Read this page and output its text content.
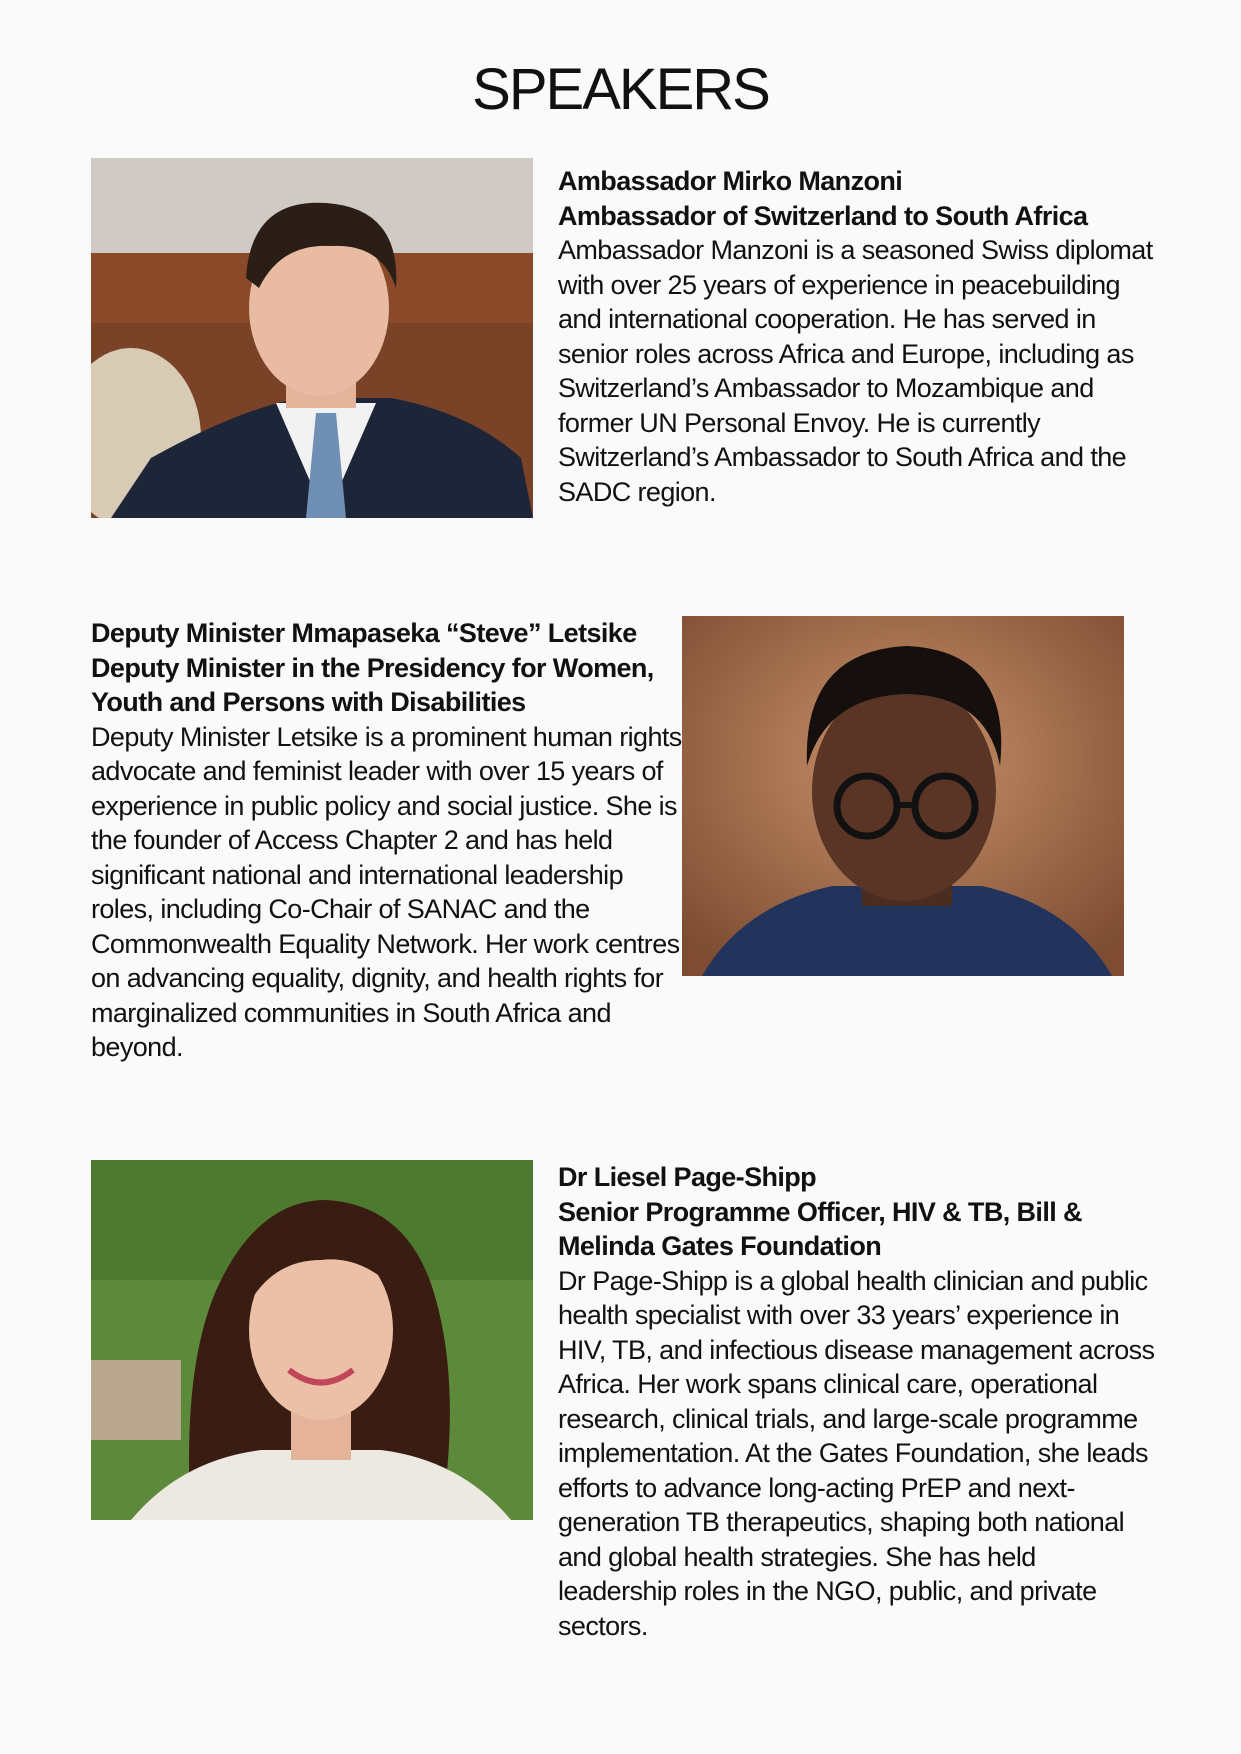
SPEAKERS
Ambassador Mirko Manzoni
Ambassador of Switzerland to South Africa
Ambassador Manzoni is a seasoned Swiss diplomat with over 25 years of experience in peacebuilding and international cooperation. He has served in senior roles across Africa and Europe, including as Switzerland’s Ambassador to Mozambique and former UN Personal Envoy. He is currently Switzerland’s Ambassador to South Africa and the SADC region.
Deputy Minister Mmapaseka “Steve” Letsike
Deputy Minister in the Presidency for Women, Youth and Persons with Disabilities
Deputy Minister Letsike is a prominent human rights advocate and feminist leader with over 15 years of experience in public policy and social justice. She is the founder of Access Chapter 2 and has held significant national and international leadership roles, including Co-Chair of SANAC and the Commonwealth Equality Network. Her work centres on advancing equality, dignity, and health rights for marginalized communities in South Africa and beyond.
Dr Liesel Page-Shipp
Senior Programme Officer, HIV & TB, Bill & Melinda Gates Foundation
Dr Page-Shipp is a global health clinician and public health specialist with over 33 years’ experience in HIV, TB, and infectious disease management across Africa. Her work spans clinical care, operational research, clinical trials, and large-scale programme implementation. At the Gates Foundation, she leads efforts to advance long-acting PrEP and next-generation TB therapeutics, shaping both national and global health strategies. She has held leadership roles in the NGO, public, and private sectors.
